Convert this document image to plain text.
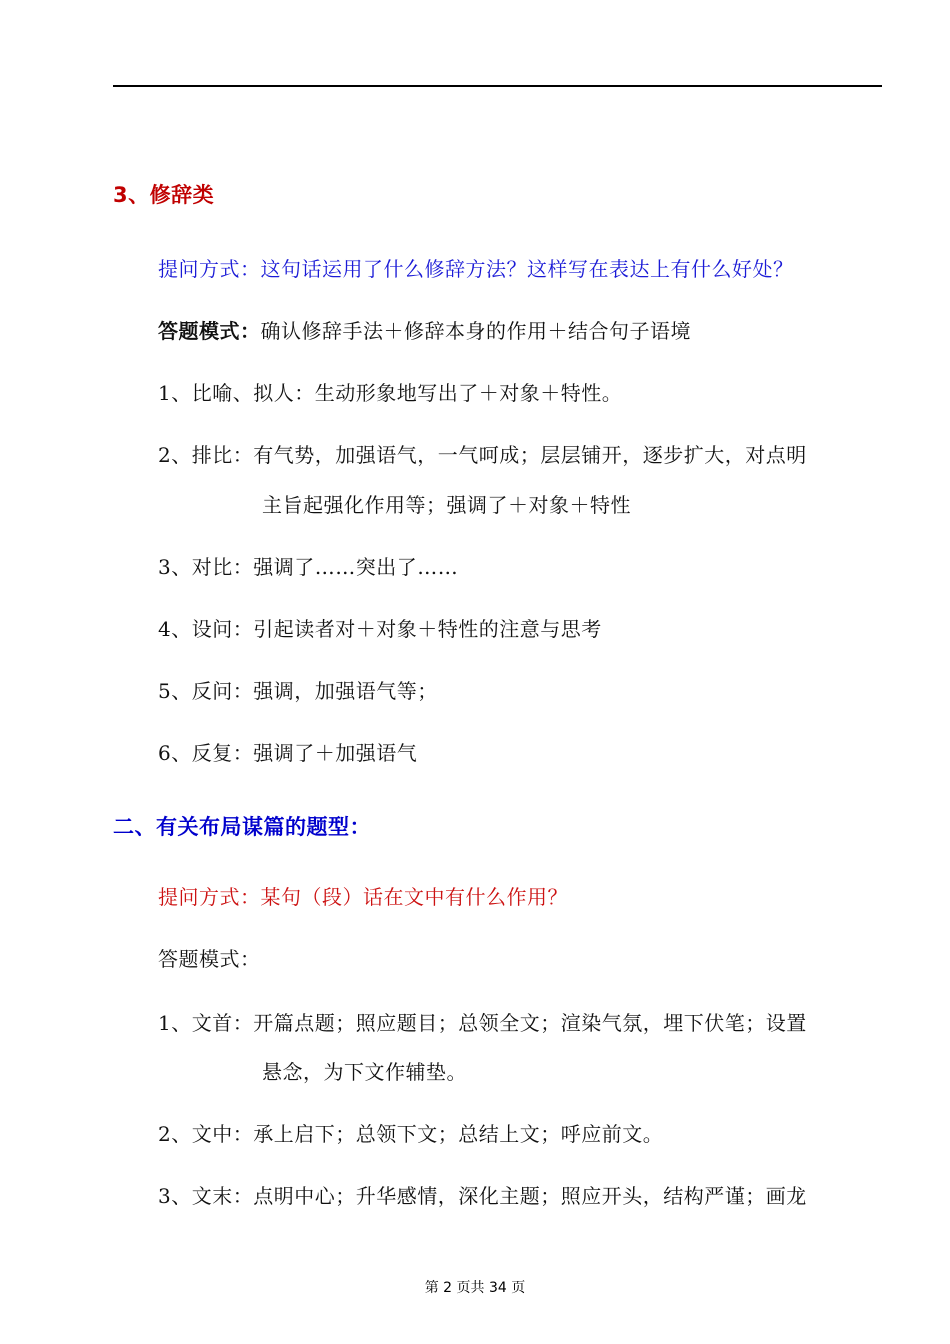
3、修辞类
提问方式：这句话运用了什么修辞方法？这样写在表达上有什么好处？
答题模式：确认修辞手法＋修辞本身的作用＋结合句子语境
1、比喻、拟人：生动形象地写出了＋对象＋特性。
2、排比：有气势，加强语气，一气呵成；层层铺开，逐步扩大，对点明
主旨起强化作用等；强调了＋对象＋特性
3、对比：强调了……突出了……
4、设问：引起读者对＋对象＋特性的注意与思考
5、反问：强调，加强语气等；
6、反复：强调了＋加强语气
二、有关布局谋篇的题型：
提问方式：某句（段）话在文中有什么作用？
答题模式：
1、文首：开篇点题；照应题目；总领全文；渲染气氛，埋下伏笔；设置
悬念，为下文作辅垫。
2、文中：承上启下；总领下文；总结上文；呼应前文。
3、文末：点明中心；升华感情，深化主题；照应开头，结构严谨；画龙
第 2 页共 34 页
